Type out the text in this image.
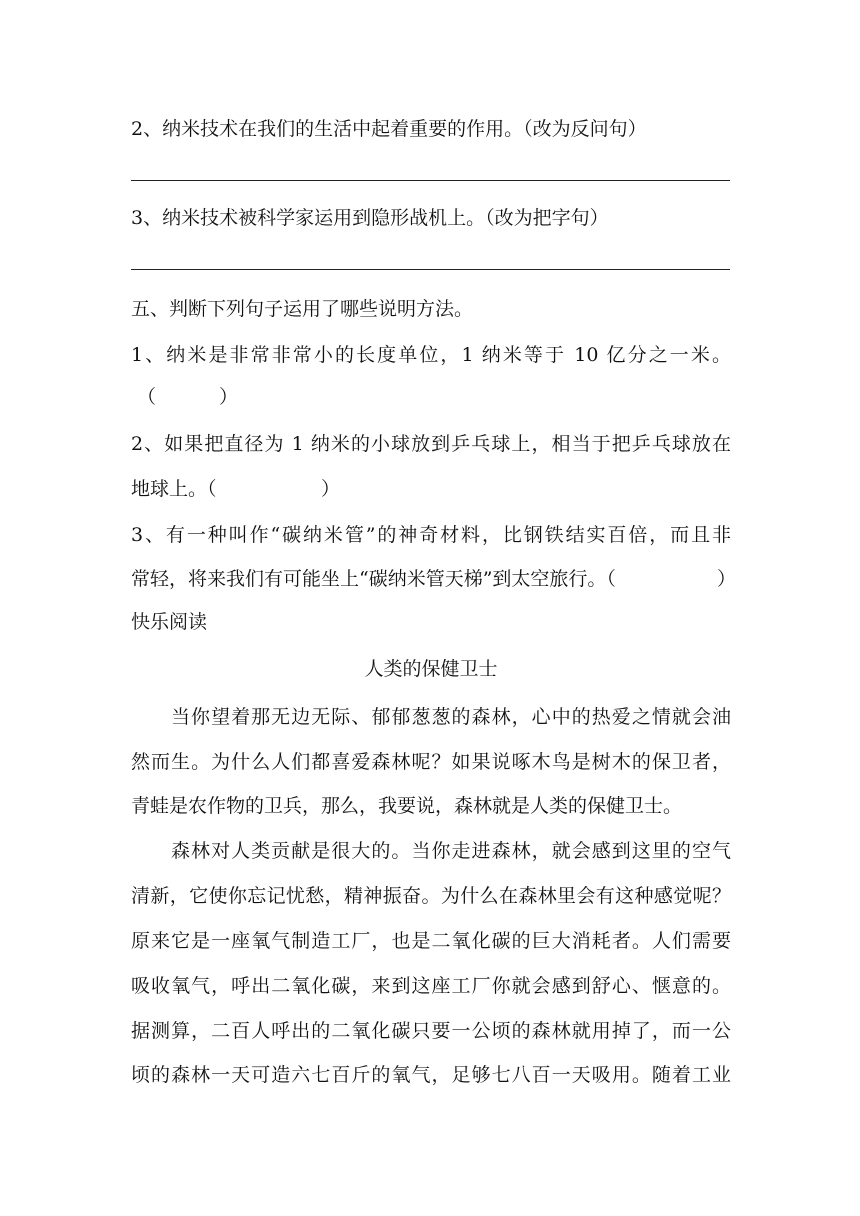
2、纳米技术在我们的生活中起着重要的作用。（改为反问句）
3、纳米技术被科学家运用到隐形战机上。（改为把字句）
五、判断下列句子运用了哪些说明方法。
1、纳米是非常非常小的长度单位，1 纳米等于 10 亿分之一米。
（	）
2、如果把直径为 1 纳米的小球放到乒乓球上，相当于把乒乓球放在
地球上。（	）
3、有一种叫作“碳纳米管”的神奇材料，比钢铁结实百倍，而且非
常轻，将来我们有可能坐上“碳纳米管天梯”到太空旅行。（	）
快乐阅读
人类的保健卫士
当你望着那无边无际、郁郁葱葱的森林，心中的热爱之情就会油
然而生。为什么人们都喜爱森林呢？如果说啄木鸟是树木的保卫者，
青蛙是农作物的卫兵，那么，我要说，森林就是人类的保健卫士。
森林对人类贡献是很大的。当你走进森林，就会感到这里的空气
清新，它使你忘记忧愁，精神振奋。为什么在森林里会有这种感觉呢？
原来它是一座氧气制造工厂，也是二氧化碳的巨大消耗者。人们需要
吸收氧气，呼出二氧化碳，来到这座工厂你就会感到舒心、惬意的。
据测算，二百人呼出的二氧化碳只要一公顷的森林就用掉了，而一公
顷的森林一天可造六七百斤的氧气，足够七八百一天吸用。随着工业
